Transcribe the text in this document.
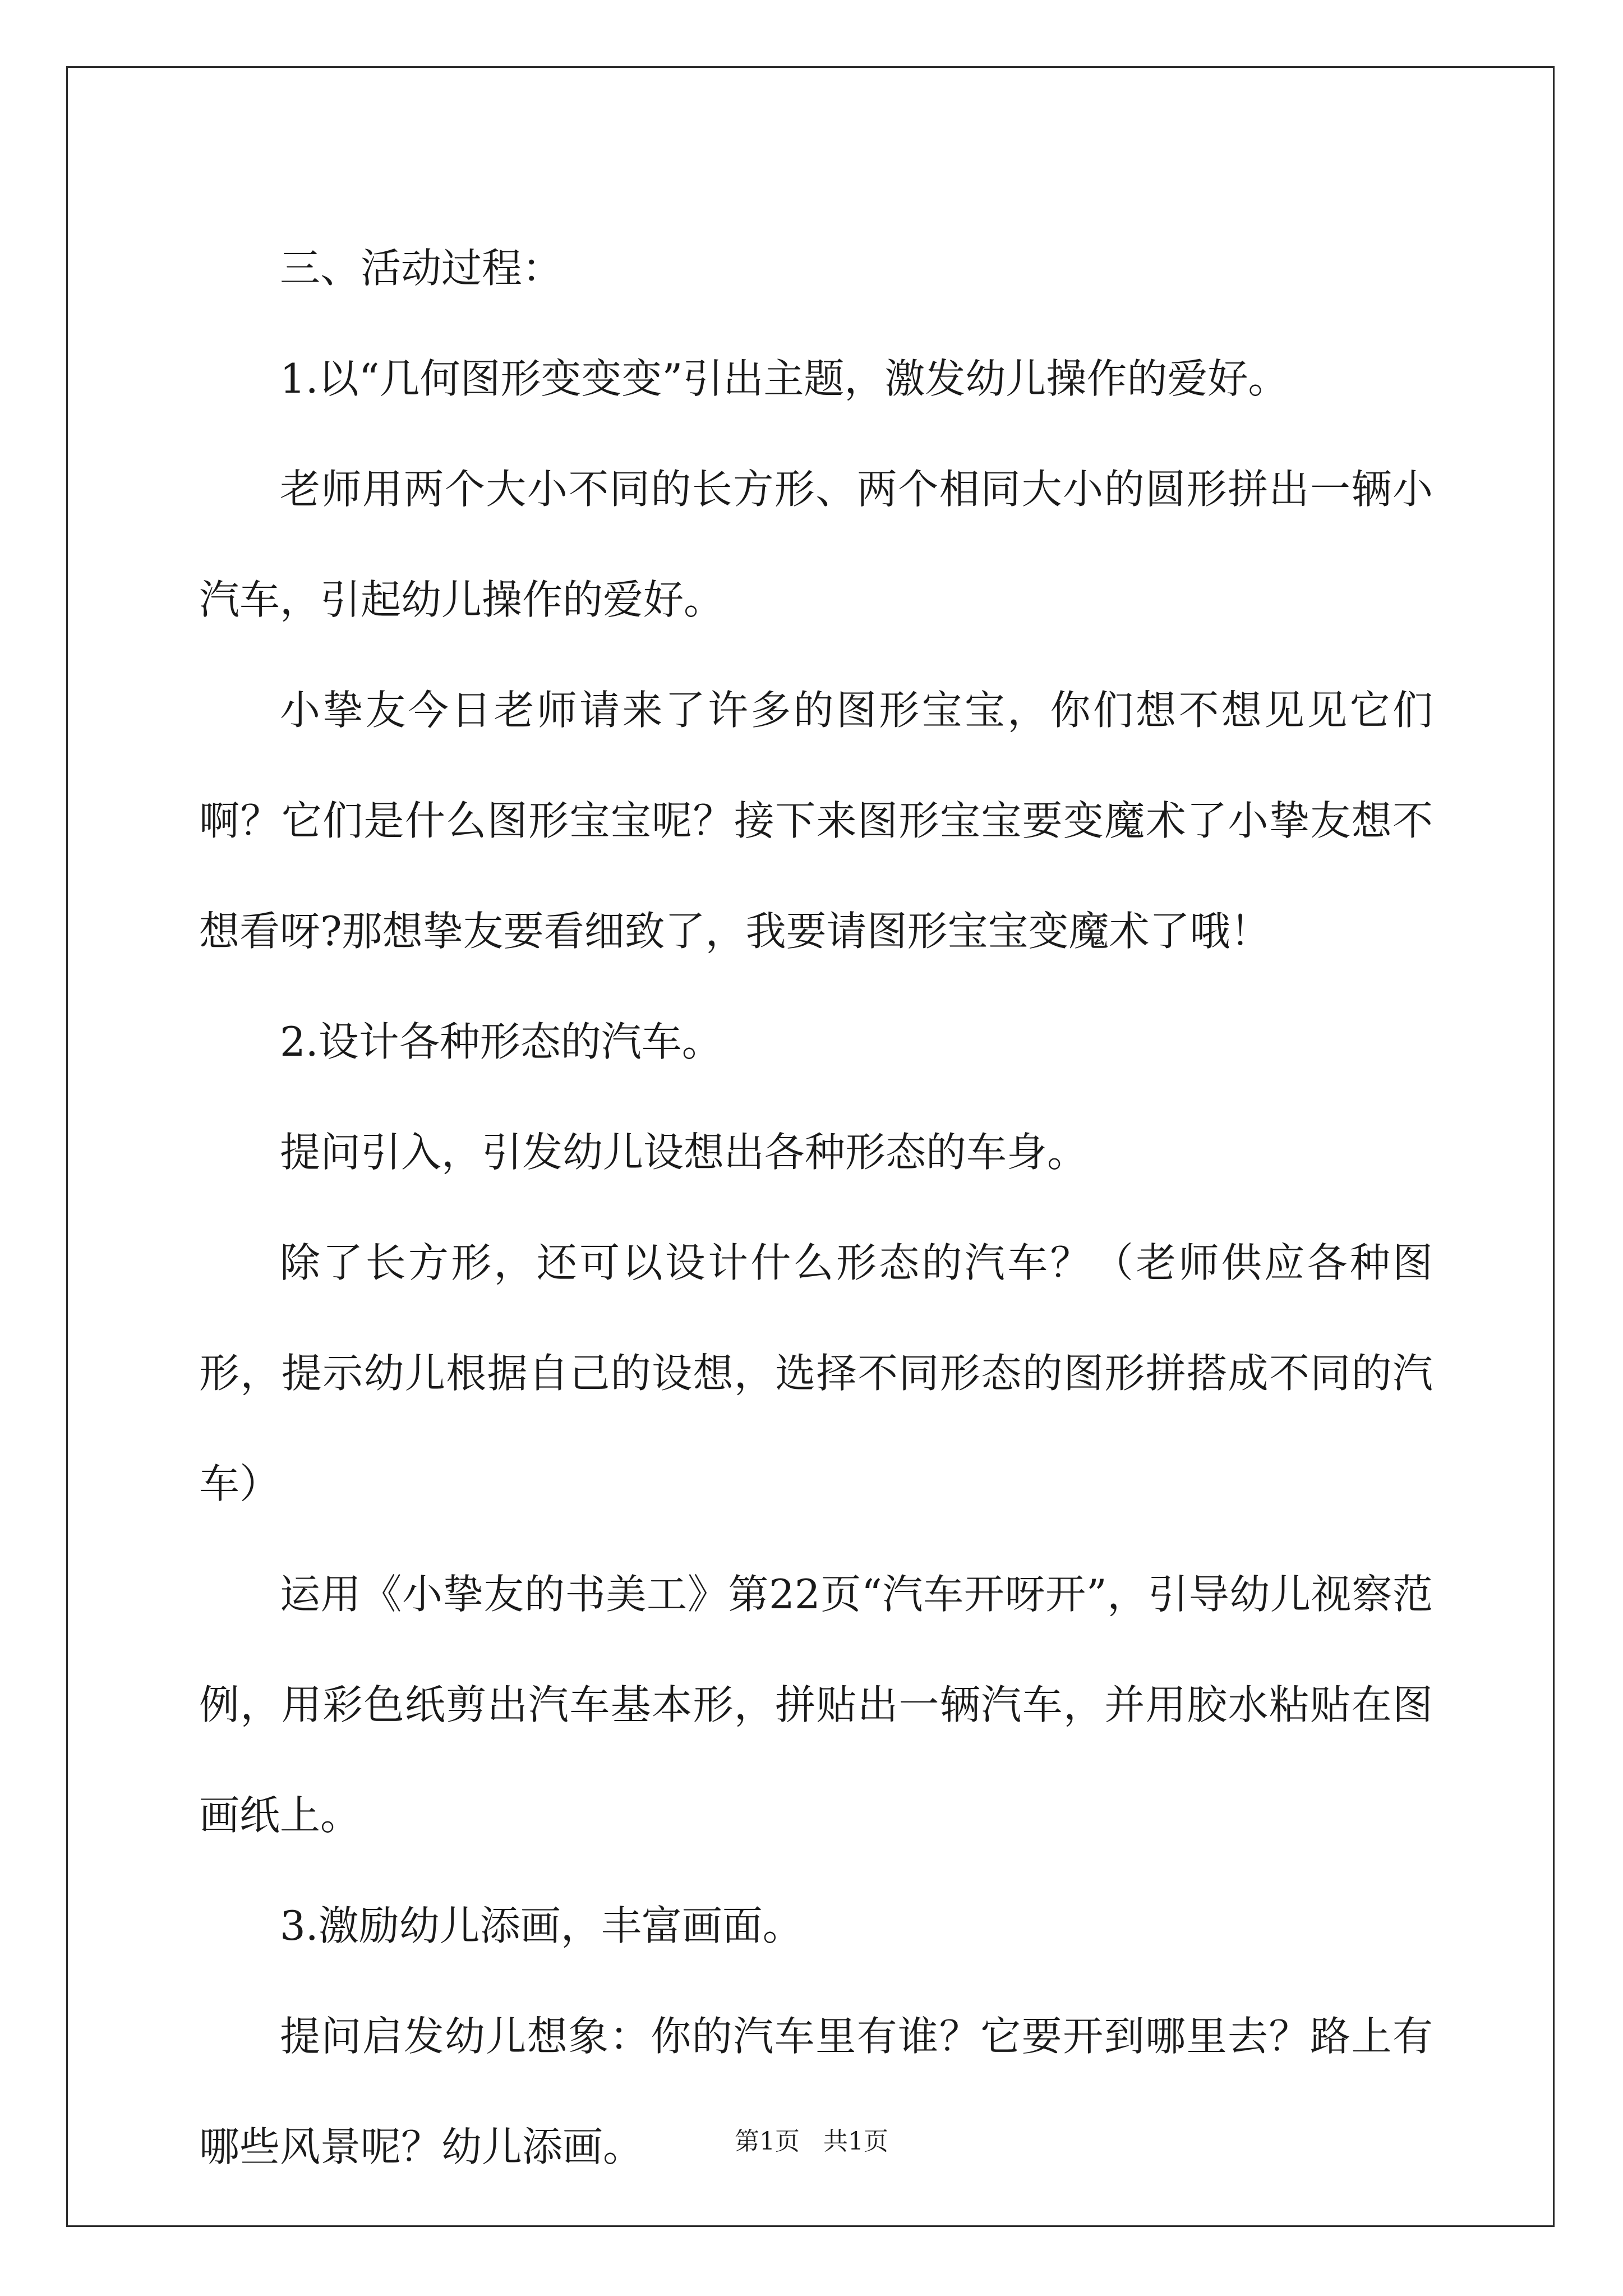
三、活动过程：

1.以“几何图形变变变”引出主题，激发幼儿操作的爱好。

老师用两个大小不同的长方形、两个相同大小的圆形拼出一辆小汽车，引起幼儿操作的爱好。

小挚友今日老师请来了许多的图形宝宝，你们想不想见见它们啊？它们是什么图形宝宝呢？接下来图形宝宝要变魔术了小挚友想不想看呀?那想挚友要看细致了，我要请图形宝宝变魔术了哦！

2.设计各种形态的汽车。

提问引入，引发幼儿设想出各种形态的车身。

除了长方形，还可以设计什么形态的汽车？（老师供应各种图形，提示幼儿根据自己的设想，选择不同形态的图形拼搭成不同的汽车）

运用《小挚友的书美工》第22页“汽车开呀开”，引导幼儿视察范例，用彩色纸剪出汽车基本形，拼贴出一辆汽车，并用胶水粘贴在图画纸上。

3.激励幼儿添画，丰富画面。

提问启发幼儿想象：你的汽车里有谁？它要开到哪里去？路上有哪些风景呢？幼儿添画。	第1页   共1页
